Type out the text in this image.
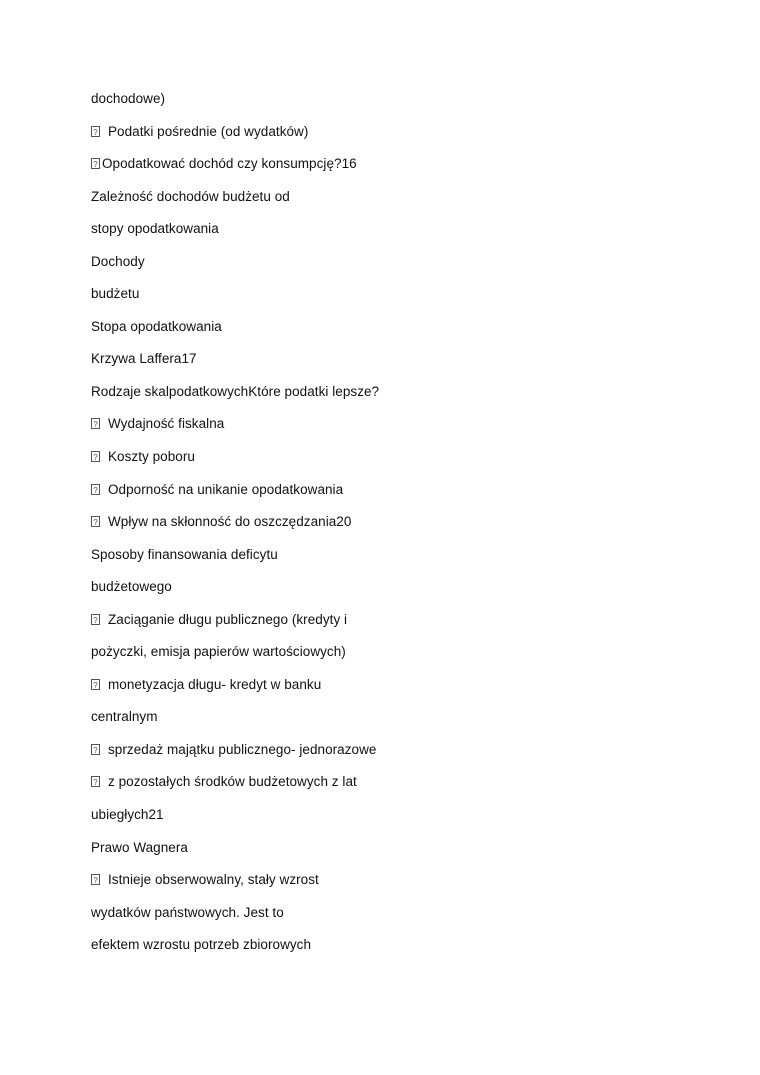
dochodowe)
?Podatki pośrednie (od wydatków)
?Opodatkować dochód czy konsumpcję?16
Zależność dochodów budżetu od
stopy opodatkowania
Dochody
budżetu
Stopa opodatkowania
Krzywa Laffera17
Rodzaje skalpodatkowychKtóre podatki lepsze?
?Wydajność fiskalna
?Koszty poboru
?Odporność na unikanie opodatkowania
?Wpływ na skłonność do oszczędzania20
Sposoby finansowania deficytu
budżetowego
?Zaciąganie długu publicznego (kredyty i
pożyczki, emisja papierów wartościowych)
?monetyzacja długu- kredyt w banku
centralnym
?sprzedaż majątku publicznego- jednorazowe
?z pozostałych środków budżetowych z lat
ubiegłych21
Prawo Wagnera
?Istnieje obserwowalny, stały wzrost
wydatków państwowych. Jest to
efektem wzrostu potrzeb zbiorowych
